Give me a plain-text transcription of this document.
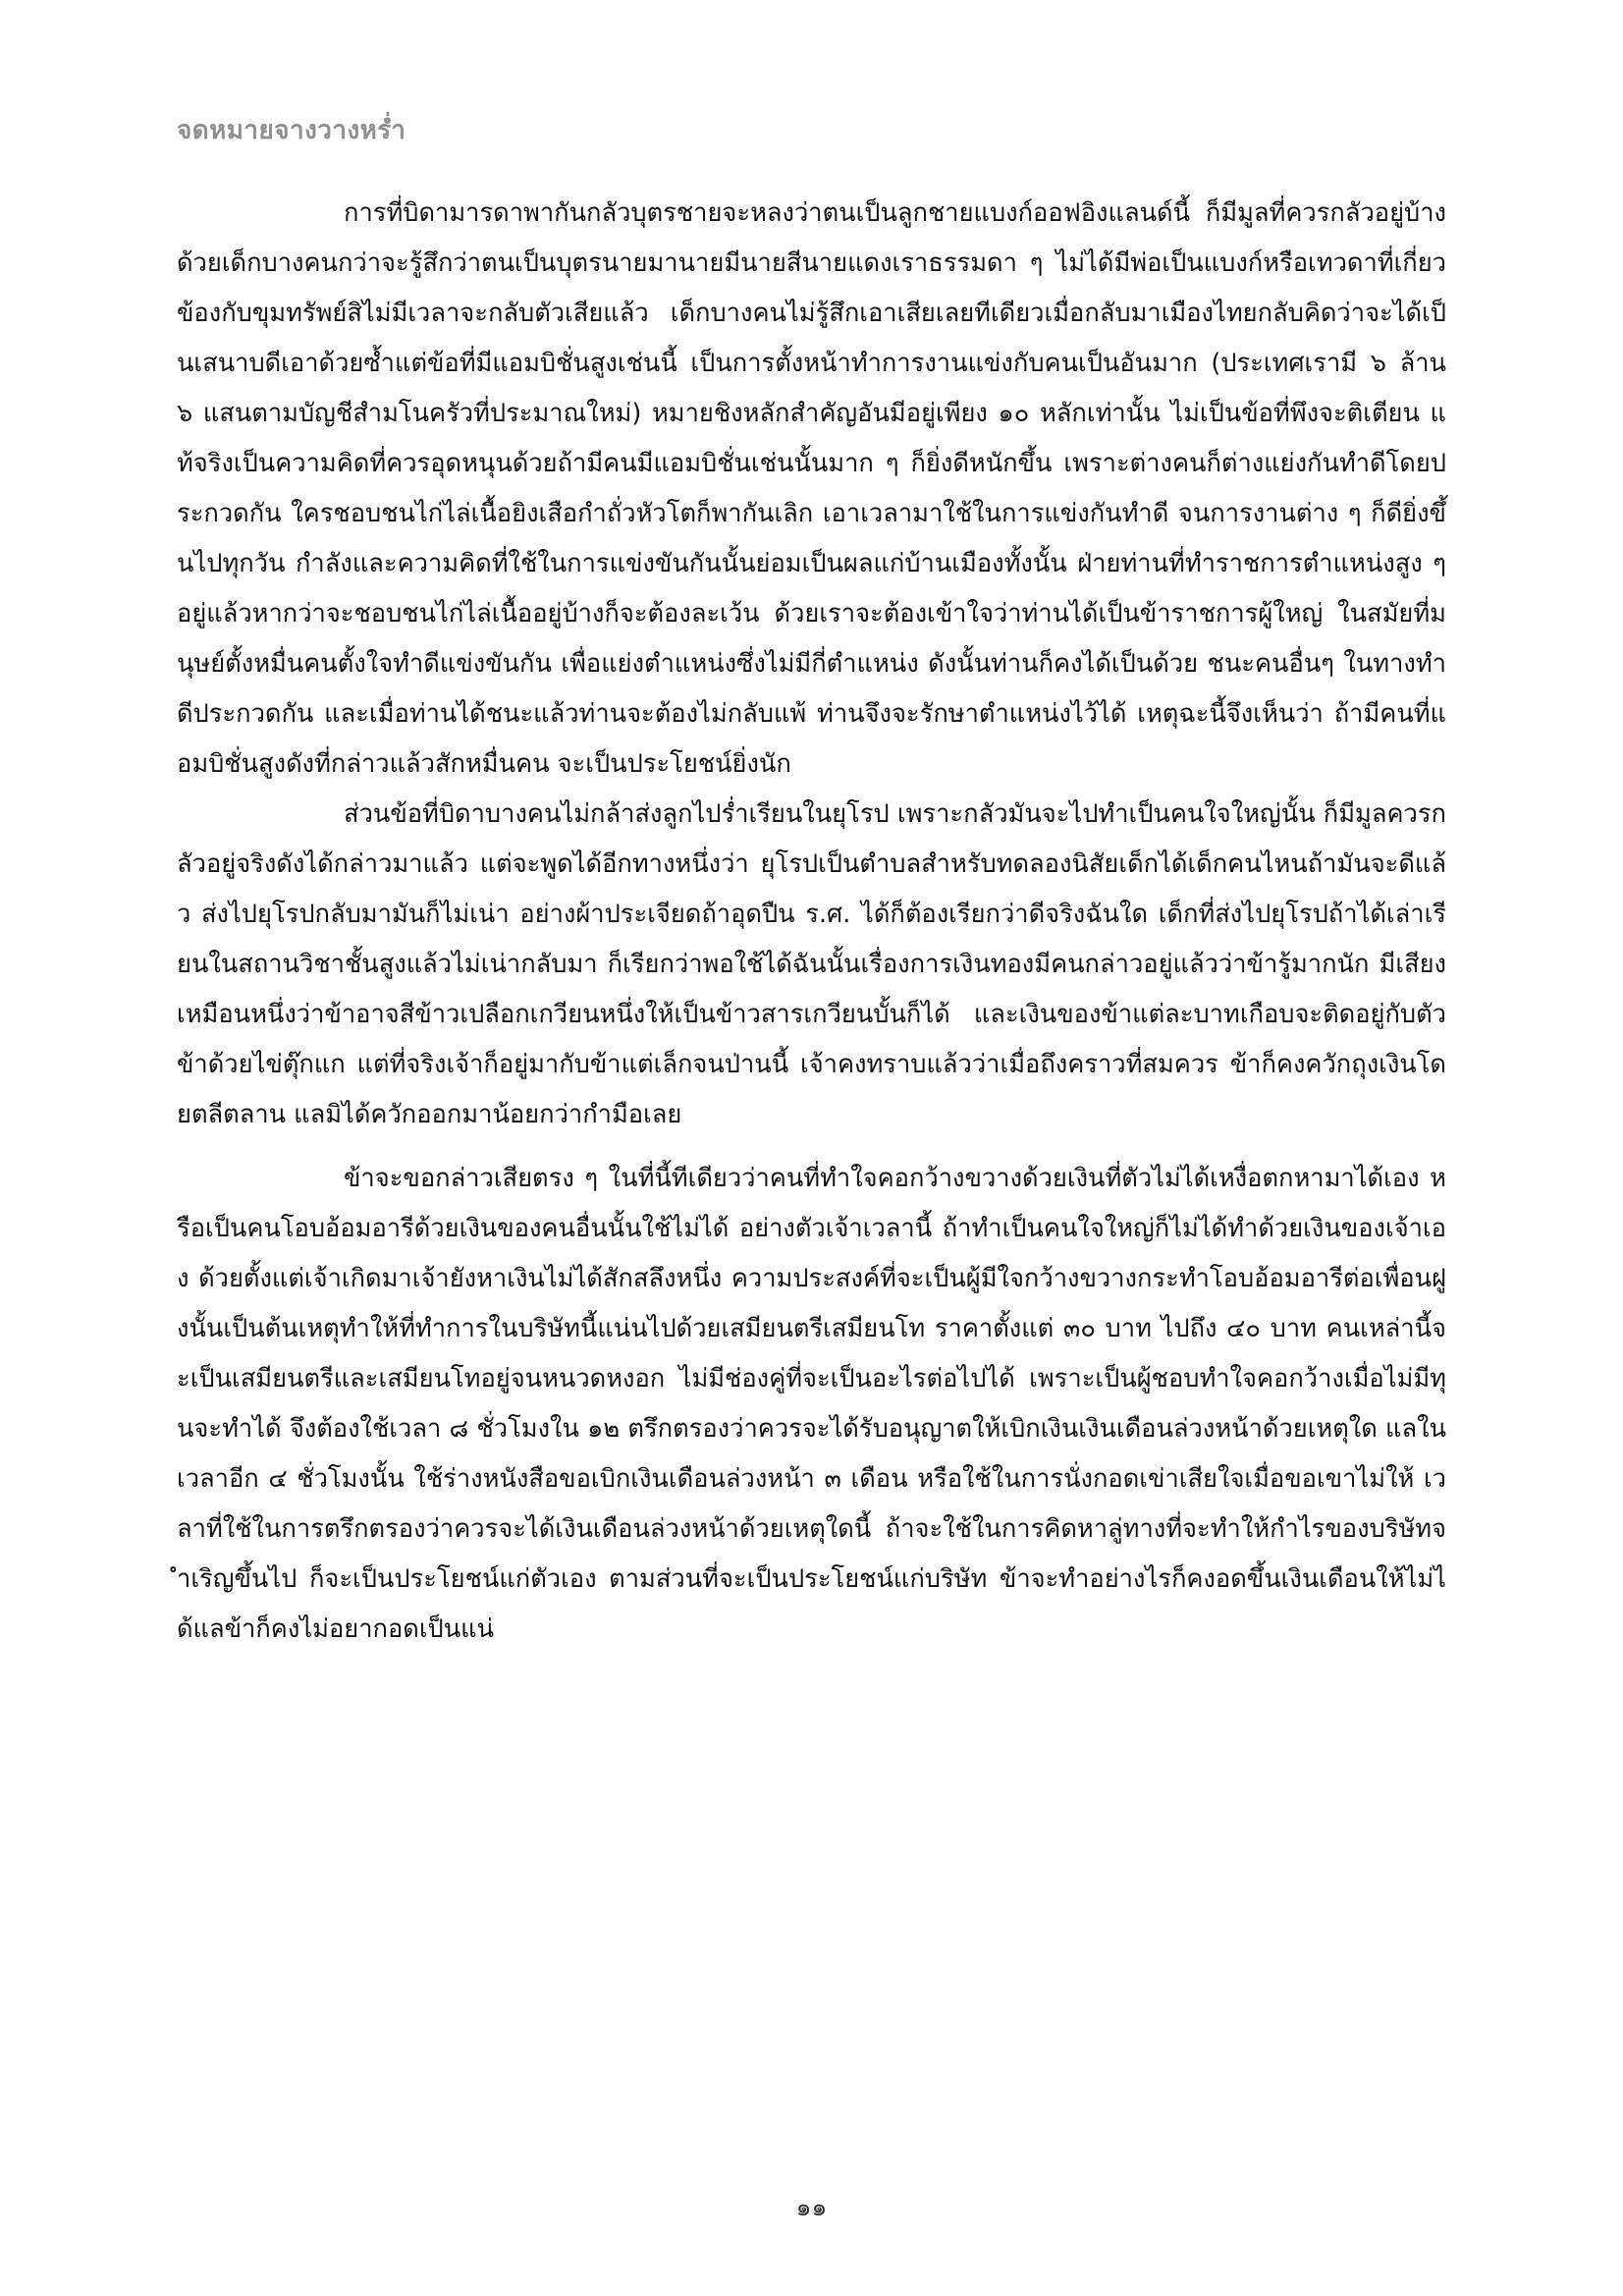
จดหมายจางวางหร่ำ

การที่บิดามารดาพากันกลัวบุตรชายจะหลงว่าตนเป็นลูกชายแบงก์ออฟอิงแลนด์นี้ ก็มีมูลที่ควรกลัวอยู่บ้าง ด้วยเด็กบางคนกว่าจะรู้สึกว่าตนเป็นบุตรนายมานายมีนายสีนายแดงเราธรรมดา ๆ ไม่ได้มีพ่อเป็นแบงก์หรือเทวดาที่เกี่ยวข้องกับขุมทรัพย์สิไม่มีเวลาจะกลับตัวเสียแล้ว เด็กบางคนไม่รู้สึกเอาเสียเลยทีเดียวเมื่อกลับมาเมืองไทยกลับคิดว่าจะได้เป็นเสนาบดีเอาด้วยซ้ำแต่ข้อที่มีแอมบิชั่นสูงเช่นนี้ เป็นการตั้งหน้าทำการงานแข่งกับคนเป็นอันมาก (ประเทศเรามี ๖ ล้าน ๖ แสนตามบัญชีสำมโนครัวที่ประมาณใหม่) หมายชิงหลักสำคัญอันมีอยู่เพียง ๑๐ หลักเท่านั้น ไม่เป็นข้อที่พึงจะติเตียน แท้จริงเป็นความคิดที่ควรอุดหนุนด้วยถ้ามีคนมีแอมบิชั่นเช่นนั้นมาก ๆ ก็ยิ่งดีหนักขึ้น เพราะต่างคนก็ต่างแย่งกันทำดีโดยประกวดกัน ใครชอบชนไก่ไล่เนื้อยิงเสือกำถั่วหัวโตก็พากันเลิก เอาเวลามาใช้ในการแข่งกันทำดี จนการงานต่าง ๆ ก็ดียิ่งขึ้นไปทุกวัน กำลังและความคิดที่ใช้ในการแข่งขันกันนั้นย่อมเป็นผลแก่บ้านเมืองทั้งนั้น ฝ่ายท่านที่ทำราชการตำแหน่งสูง ๆ อยู่แล้วหากว่าจะชอบชนไก่ไล่เนื้ออยู่บ้างก็จะต้องละเว้น ด้วยเราจะต้องเข้าใจว่าท่านได้เป็นข้าราชการผู้ใหญ่ ในสมัยที่มนุษย์ตั้งหมื่นคนตั้งใจทำดีแข่งขันกัน เพื่อแย่งตำแหน่งซึ่งไม่มีกี่ตำแหน่ง ดังนั้นท่านก็คงได้เป็นด้วย ชนะคนอื่นๆ ในทางทำดีประกวดกัน และเมื่อท่านได้ชนะแล้วท่านจะต้องไม่กลับแพ้ ท่านจึงจะรักษาตำแหน่งไว้ได้ เหตุฉะนี้จึงเห็นว่า ถ้ามีคนที่แอมบิชั่นสูงดังที่กล่าวแล้วสักหมื่นคน จะเป็นประโยชน์ยิ่งนัก

ส่วนข้อที่บิดาบางคนไม่กล้าส่งลูกไปร่ำเรียนในยุโรป เพราะกลัวมันจะไปทำเป็นคนใจใหญ่นั้น ก็มีมูลควรกลัวอยู่จริงดังได้กล่าวมาแล้ว แต่จะพูดได้อีกทางหนึ่งว่า ยุโรปเป็นตำบลสำหรับทดลองนิสัยเด็กได้เด็กคนไหนถ้ามันจะดีแล้ว ส่งไปยุโรปกลับมามันก็ไม่เน่า อย่างผ้าประเจียดถ้าอุดปืน ร.ศ. ได้ก็ต้องเรียกว่าดีจริงฉันใด เด็กที่ส่งไปยุโรปถ้าได้เล่าเรียนในสถานวิชาชั้นสูงแล้วไม่เน่ากลับมา ก็เรียกว่าพอใช้ได้ฉันนั้นเรื่องการเงินทองมีคนกล่าวอยู่แล้วว่าข้ารู้มากนัก มีเสียงเหมือนหนึ่งว่าข้าอาจสีข้าวเปลือกเกวียนหนึ่งให้เป็นข้าวสารเกวียนบั้นก็ได้ และเงินของข้าแต่ละบาทเกือบจะติดอยู่กับตัวข้าด้วยไข่ตุ๊กแก แต่ที่จริงเจ้าก็อยู่มากับข้าแต่เล็กจนป่านนี้ เจ้าคงทราบแล้วว่าเมื่อถึงคราวที่สมควร ข้าก็คงควักถุงเงินโดยตลีตลาน แลมิได้ควักออกมาน้อยกว่ากำมือเลย

ข้าจะขอกล่าวเสียตรง ๆ ในที่นี้ทีเดียวว่าคนที่ทำใจคอกว้างขวางด้วยเงินที่ตัวไม่ได้เหงื่อตกหามาได้เอง หรือเป็นคนโอบอ้อมอารีด้วยเงินของคนอื่นนั้นใช้ไม่ได้ อย่างตัวเจ้าเวลานี้ ถ้าทำเป็นคนใจใหญ่ก็ไม่ได้ทำด้วยเงินของเจ้าเอง ด้วยตั้งแต่เจ้าเกิดมาเจ้ายังหาเงินไม่ได้สักสลึงหนึ่ง ความประสงค์ที่จะเป็นผู้มีใจกว้างขวางกระทำโอบอ้อมอารีต่อเพื่อนฝูงนั้นเป็นต้นเหตุทำให้ที่ทำการในบริษัทนี้แน่นไปด้วยเสมียนตรีเสมียนโท ราคาตั้งแต่ ๓๐ บาท ไปถึง ๔๐ บาท คนเหล่านี้จะเป็นเสมียนตรีและเสมียนโทอยู่จนหนวดหงอก ไม่มีช่องคู่ที่จะเป็นอะไรต่อไปได้ เพราะเป็นผู้ชอบทำใจคอกว้างเมื่อไม่มีทุนจะทำได้ จึงต้องใช้เวลา ๘ ชั่วโมงใน ๑๒ ตรึกตรองว่าควรจะได้รับอนุญาตให้เบิกเงินเงินเดือนล่วงหน้าด้วยเหตุใด แลในเวลาอีก ๔ ชั่วโมงนั้น ใช้ร่างหนังสือขอเบิกเงินเดือนล่วงหน้า ๓ เดือน หรือใช้ในการนั่งกอดเข่าเสียใจเมื่อขอเขาไม่ให้ เวลาที่ใช้ในการตรึกตรองว่าควรจะได้เงินเดือนล่วงหน้าด้วยเหตุใดนี้ ถ้าจะใช้ในการคิดหาลู่ทางที่จะทำให้กำไรของบริษัทจำเริญขึ้นไป ก็จะเป็นประโยชน์แก่ตัวเอง ตามส่วนที่จะเป็นประโยชน์แก่บริษัท ข้าจะทำอย่างไรก็คงอดขึ้นเงินเดือนให้ไม่ได้แลข้าก็คงไม่อยากอดเป็นแน่

๑๑
